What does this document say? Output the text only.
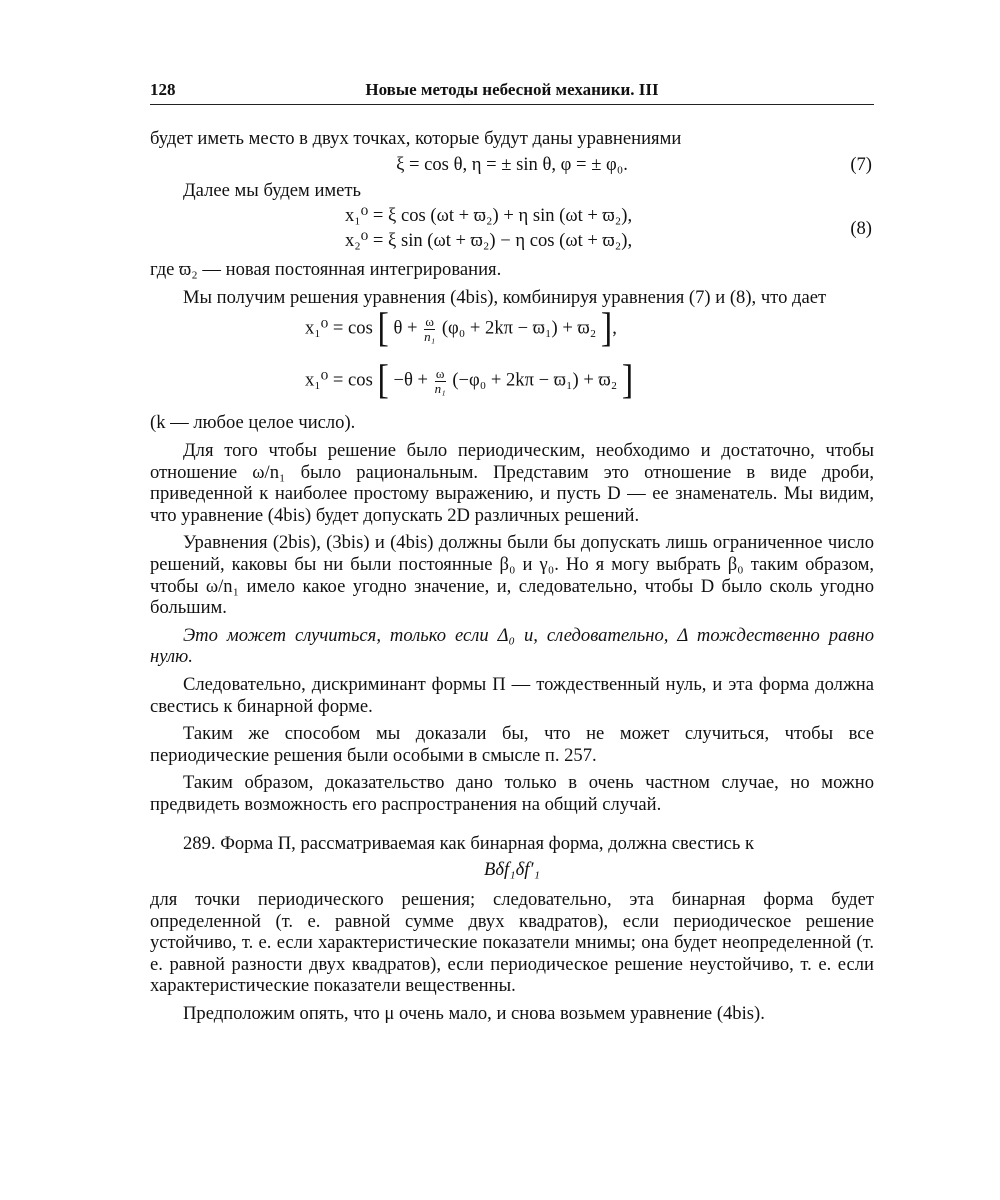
128	Новые методы небесной механики. III

будет иметь место в двух точках, которые будут даны уравнениями

ξ = cos θ, η = ± sin θ, φ = ± φ₀.	(7)

Далее мы будем иметь

x₁⁰ = ξ cos (ωt + ϖ₂) + η sin (ωt + ϖ₂),
x₂⁰ = ξ sin (ωt + ϖ₂) − η cos (ωt + ϖ₂),
(8)

где ϖ₂ — новая постоянная интегрирования.

Мы получим решения уравнения (4bis), комбинируя уравнения (7) и (8), что дает

x₁⁰ = cos [ $\theta + \frac{\omega}{\text{n₁}} (\varphi_0 + 2k\pi - ϖ_1) + ϖ_2$ ],
x₁⁰ = cos [ $-\theta + \frac{\omega}{\text{n₁}} (-\varphi_0 + 2k\pi - ϖ_1) + ϖ_2$ ]

(k — любое целое число).

Для того чтобы решение было периодическим, необходимо и достаточно, чтобы отношение ω/n₁ было рациональным. Представим это отношение в виде дроби, приведенной к наиболее простому выражению, и пусть D — ее знаменатель. Мы видим, что уравнение (4bis) будет допускать 2D различных решений.

Уравнения (2bis), (3bis) и (4bis) должны были бы допускать лишь ограниченное число решений, каковы бы ни были постоянные β₀ и γ₀. Но я могу выбрать β₀ таким образом, чтобы ω/n₁ имело какое угодно значение, и, следовательно, чтобы D было сколь угодно большим.

Это может случиться, только если Δ₀ и, следовательно, Δ тождественно равно нулю.

Следовательно, дискриминант формы Π — тождественный нуль, и эта форма должна свестись к бинарной форме.

Таким же способом мы доказали бы, что не может случиться, чтобы все периодические решения были особыми в смысле п. 257.

Таким образом, доказательство дано только в очень частном случае, но можно предвидеть возможность его распространения на общий случай.

289. Форма Π, рассматриваемая как бинарная форма, должна свестись к

Bδf₁δf′₁

для точки периодического решения; следовательно, эта бинарная форма будет определенной (т. е. равной сумме двух квадратов), если периодическое решение устойчиво, т. е. если характеристические показатели мнимы; она будет неопределенной (т. е. равной разности двух квадратов), если периодическое решение неустойчиво, т. е. если характеристические показатели вещественны.

Предположим опять, что μ очень мало, и снова возьмем уравнение (4bis).
